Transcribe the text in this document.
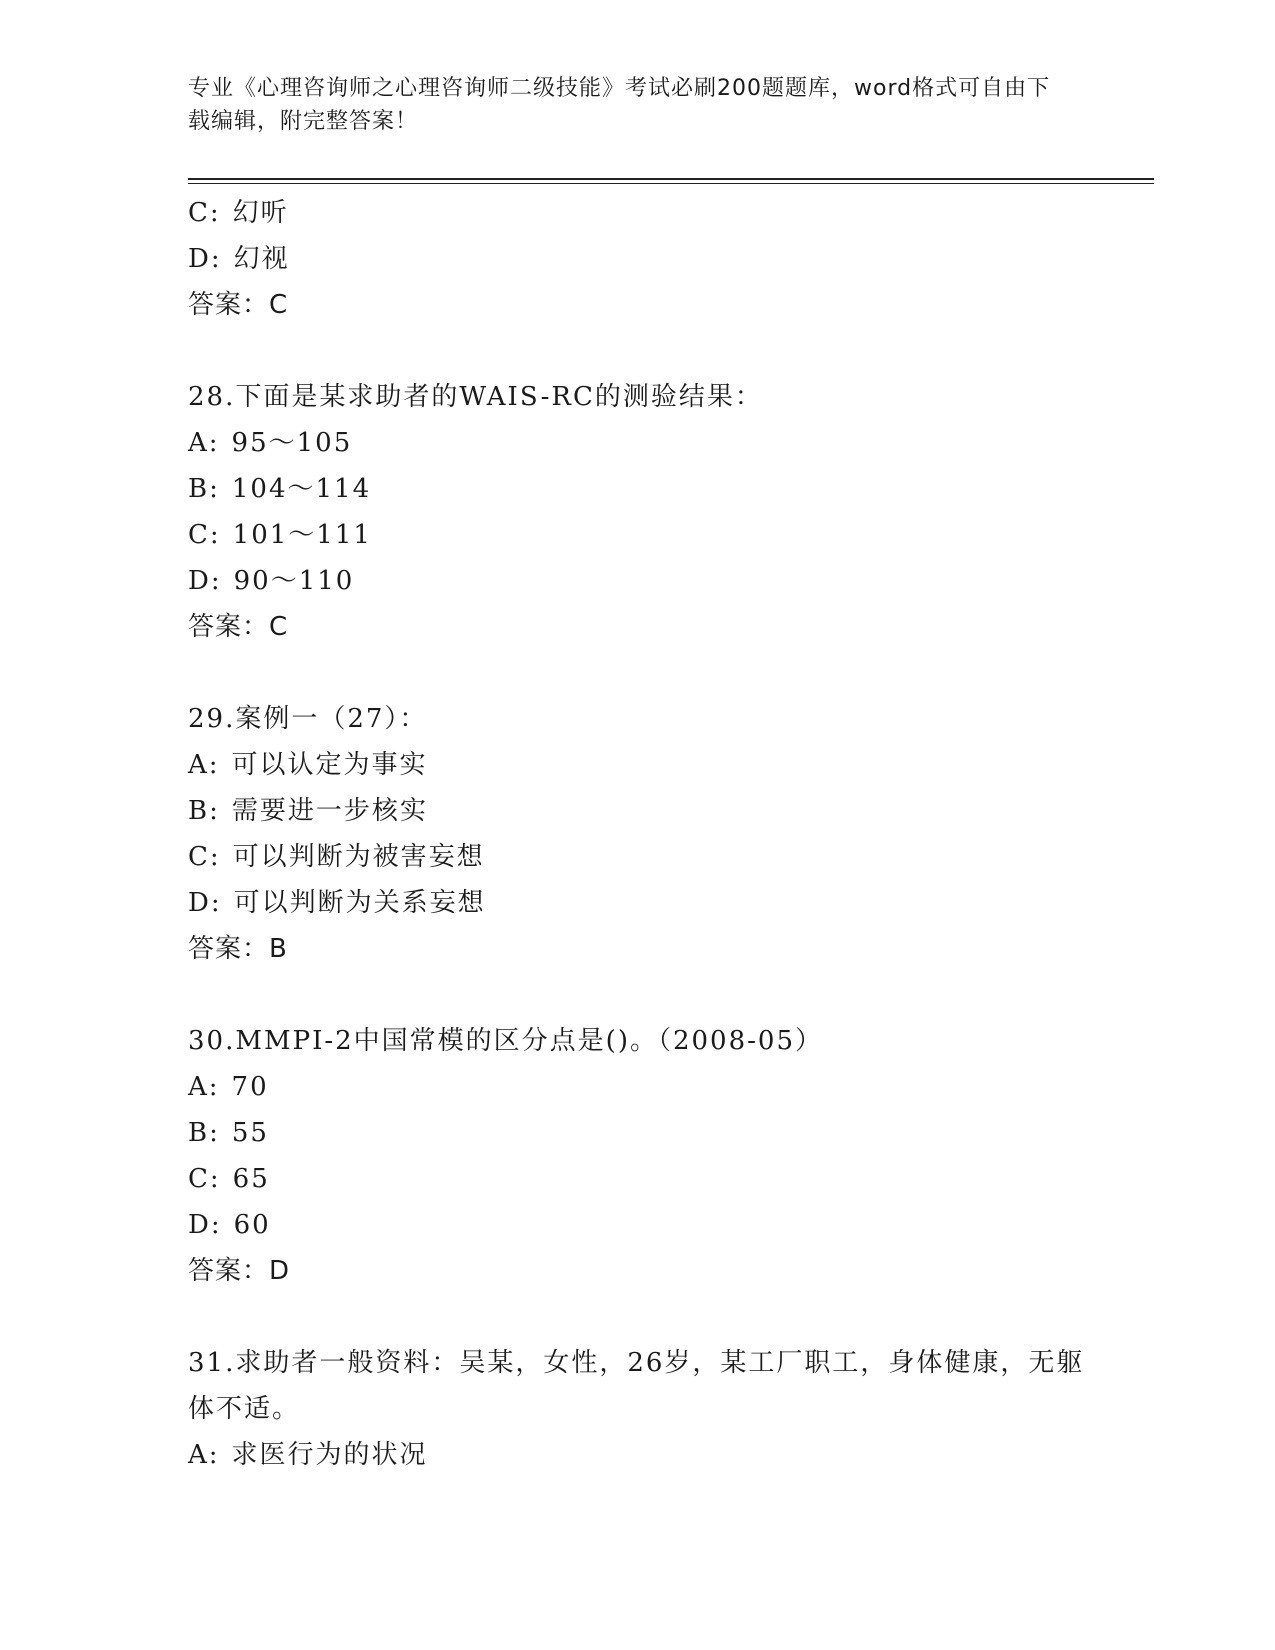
专业《心理咨询师之心理咨询师二级技能》考试必刷200题题库，word格式可自由下载编辑，附完整答案！
C: 幻听
D: 幻视
答案：C
28.下面是某求助者的WAIS-RC的测验结果：
A: 95～105
B: 104～114
C: 101～111
D: 90～110
答案：C
29.案例一（27）：
A: 可以认定为事实
B: 需要进一步核实
C: 可以判断为被害妄想
D: 可以判断为关系妄想
答案：B
30.MMPI-2中国常模的区分点是()。（2008-05）
A: 70
B: 55
C: 65
D: 60
答案：D
31.求助者一般资料：吴某，女性，26岁，某工厂职工，身体健康，无躯体不适。
A: 求医行为的状况
